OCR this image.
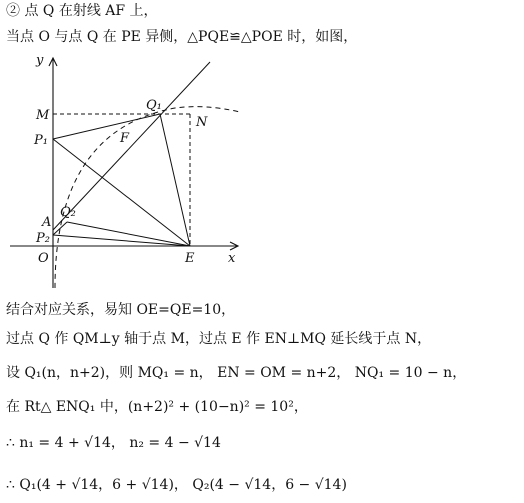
② 点 Q 在射线 AF 上，
当点 O 与点 Q 在 PE 异侧，△PQE≌△POE 时，如图，
y
x
O	E
M	N
P₁
P₂
A
F
Q₁
Q₂
结合对应关系，易知 OE=QE=10，
过点 Q 作 QM⊥y 轴于点 M，过点 E 作 EN⊥MQ 延长线于点 N，
设 Q₁(n，n+2)，则 MQ₁ = n， EN = OM = n+2， NQ₁ = 10 − n，
在 Rt△ ENQ₁ 中，(n+2)² + (10−n)² = 10²，
∴ n₁ = 4 + √14， n₂ = 4 − √14
∴ Q₁(4 + √14，6 + √14)， Q₂(4 − √14，6 − √14)
